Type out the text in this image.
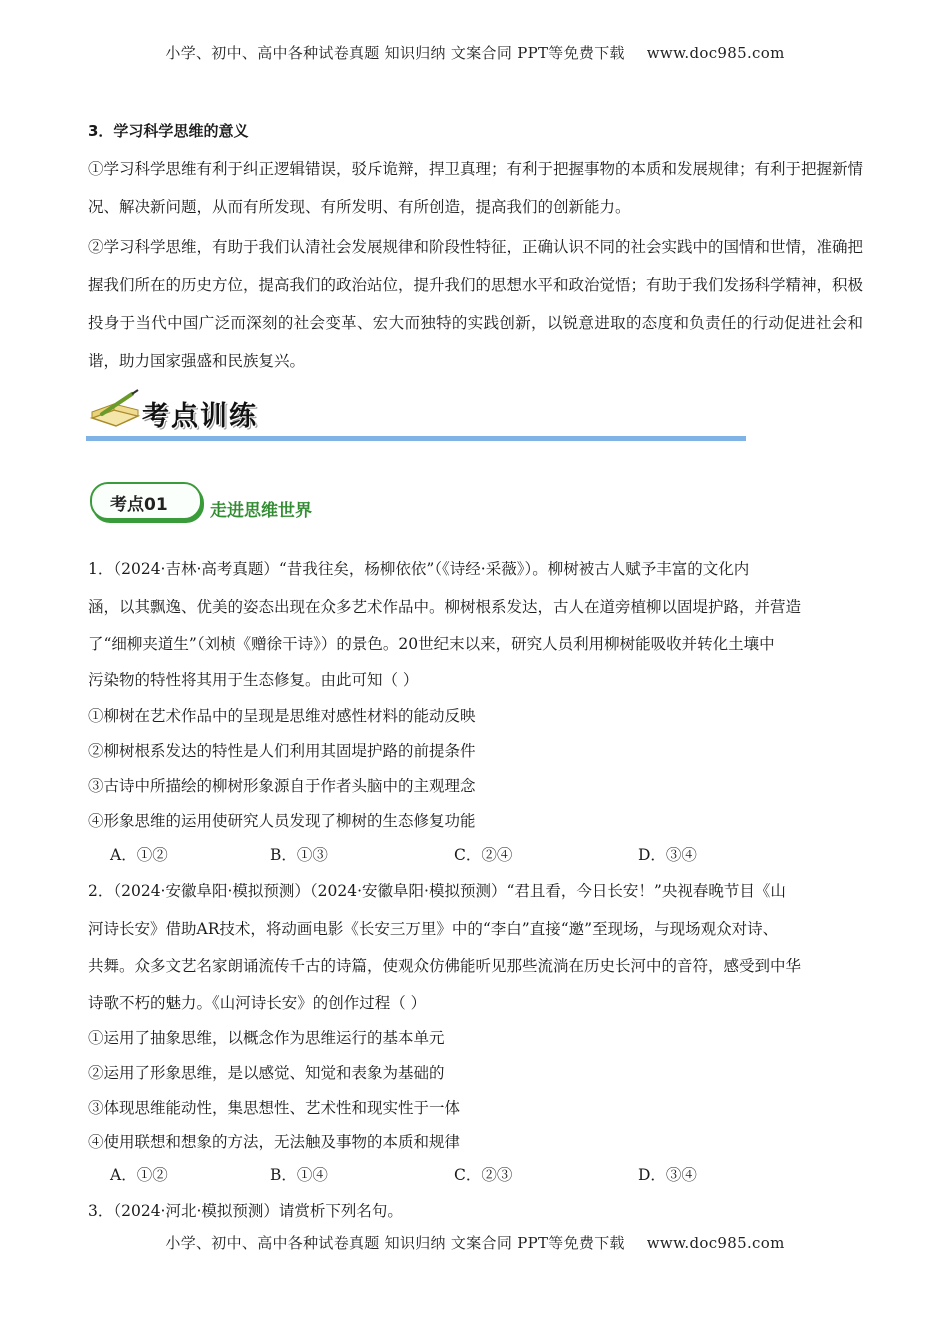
小学、初中、高中各种试卷真题 知识归纳 文案合同 PPT等免费下载 www.doc985.com
3．学习科学思维的意义
①学习科学思维有利于纠正逻辑错误，驳斥诡辩，捍卫真理；有利于把握事物的本质和发展规律；有利于把握新情况、解决新问题，从而有所发现、有所发明、有所创造，提高我们的创新能力。
②学习科学思维，有助于我们认清社会发展规律和阶段性特征，正确认识不同的社会实践中的国情和世情，准确把握我们所在的历史方位，提高我们的政治站位，提升我们的思想水平和政治觉悟；有助于我们发扬科学精神，积极投身于当代中国广泛而深刻的社会变革、宏大而独特的实践创新，以锐意进取的态度和负责任的行动促进社会和谐，助力国家强盛和民族复兴。
考点训练
考点01 走进思维世界
1．（2024·吉林·高考真题）“昔我往矣，杨柳依依”（《诗经·采薇》）。柳树被古人赋予丰富的文化内
涵，以其飘逸、优美的姿态出现在众多艺术作品中。柳树根系发达，古人在道旁植柳以固堤护路，并营造
了“细柳夹道生”（刘桢《赠徐干诗》）的景色。20世纪末以来，研究人员利用柳树能吸收并转化土壤中
污染物的特性将其用于生态修复。由此可知（ ）
①柳树在艺术作品中的呈现是思维对感性材料的能动反映
②柳树根系发达的特性是人们利用其固堤护路的前提条件
③古诗中所描绘的柳树形象源自于作者头脑中的主观理念
④形象思维的运用使研究人员发现了柳树的生态修复功能
A．①②	B．①③	C．②④	D．③④
2．（2024·安徽阜阳·模拟预测）（2024·安徽阜阳·模拟预测）“君且看，今日长安！”央视春晚节目《山
河诗长安》借助AR技术，将动画电影《长安三万里》中的“李白”直接“邀”至现场，与现场观众对诗、
共舞。众多文艺名家朗诵流传千古的诗篇，使观众仿佛能听见那些流淌在历史长河中的音符，感受到中华
诗歌不朽的魅力。《山河诗长安》的创作过程（ ）
①运用了抽象思维，以概念作为思维运行的基本单元
②运用了形象思维，是以感觉、知觉和表象为基础的
③体现思维能动性，集思想性、艺术性和现实性于一体
④使用联想和想象的方法，无法触及事物的本质和规律
A．①②	B．①④	C．②③	D．③④
3．（2024·河北·模拟预测）请赏析下列名句。
小学、初中、高中各种试卷真题 知识归纳 文案合同 PPT等免费下载 www.doc985.com
